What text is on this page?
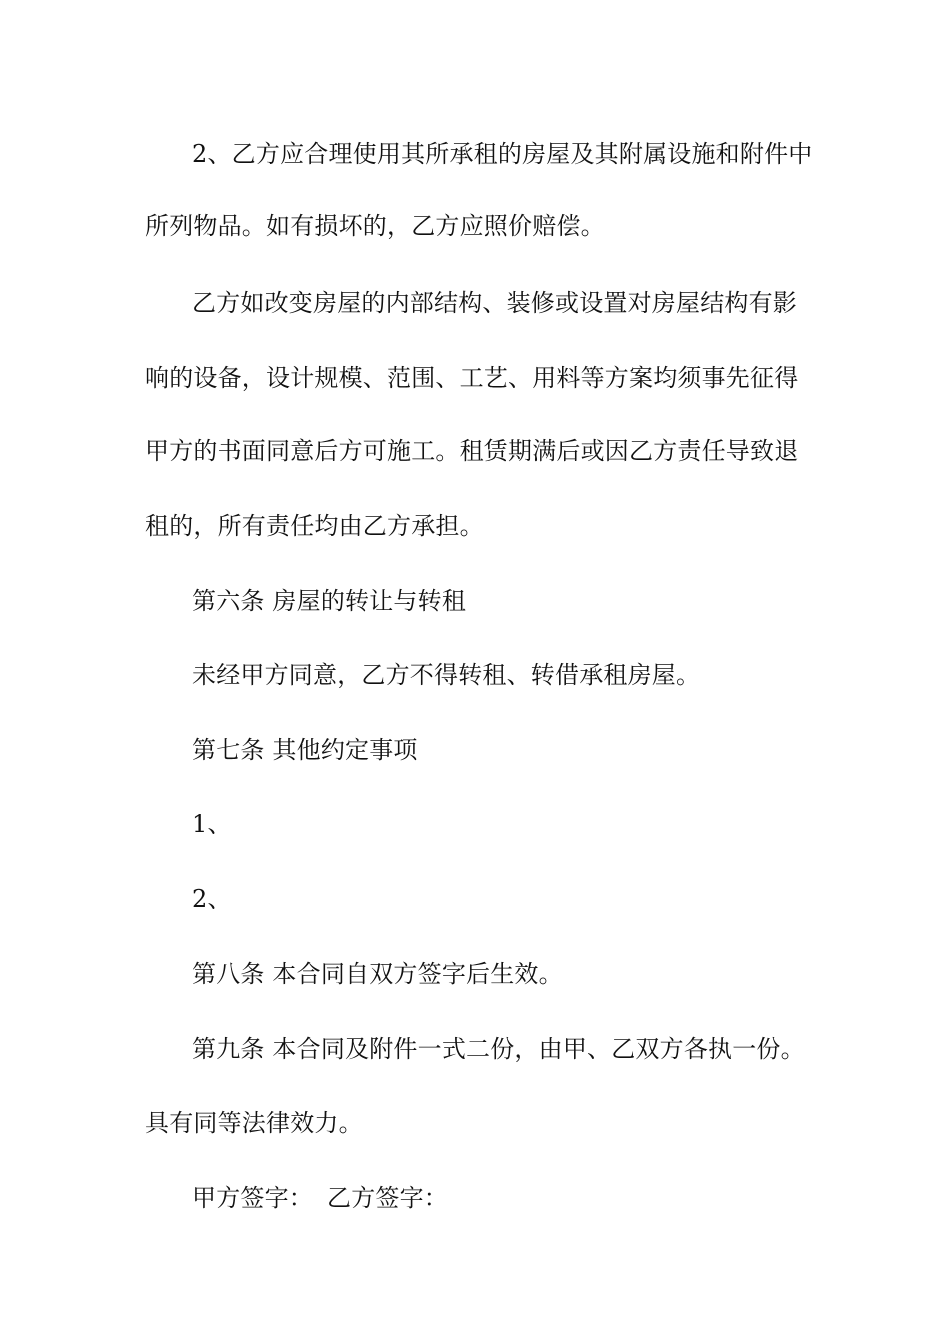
2、乙方应合理使用其所承租的房屋及其附属设施和附件中
所列物品。如有损坏的，乙方应照价赔偿。
乙方如改变房屋的内部结构、装修或设置对房屋结构有影
响的设备，设计规模、范围、工艺、用料等方案均须事先征得
甲方的书面同意后方可施工。租赁期满后或因乙方责任导致退
租的，所有责任均由乙方承担。
第六条 房屋的转让与转租
未经甲方同意，乙方不得转租、转借承租房屋。
第七条 其他约定事项
1、
2、
第八条 本合同自双方签字后生效。
第九条 本合同及附件一式二份，由甲、乙双方各执一份。
具有同等法律效力。
甲方签字： 乙方签字：
